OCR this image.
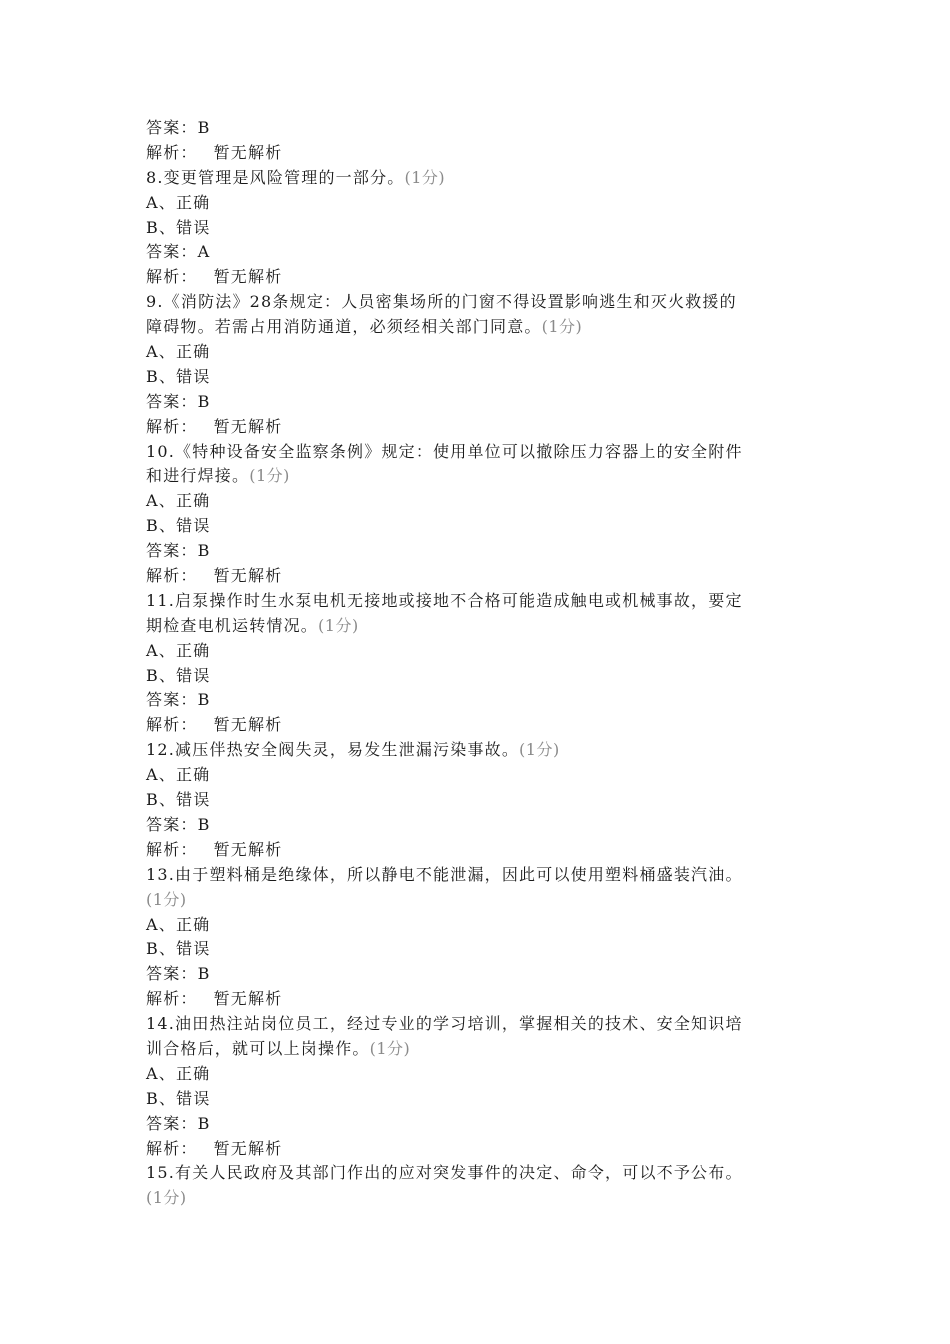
答案：B
解析： 暂无解析
8.变更管理是风险管理的一部分。(1分)
A、正确
B、错误
答案：A
解析： 暂无解析
9.《消防法》28条规定：人员密集场所的门窗不得设置影响逃生和灭火救援的
障碍物。若需占用消防通道，必须经相关部门同意。(1分)
A、正确
B、错误
答案：B
解析： 暂无解析
10.《特种设备安全监察条例》规定：使用单位可以撤除压力容器上的安全附件
和进行焊接。(1分)
A、正确
B、错误
答案：B
解析： 暂无解析
11.启泵操作时生水泵电机无接地或接地不合格可能造成触电或机械事故，要定
期检查电机运转情况。(1分)
A、正确
B、错误
答案：B
解析： 暂无解析
12.减压伴热安全阀失灵，易发生泄漏污染事故。(1分)
A、正确
B、错误
答案：B
解析： 暂无解析
13.由于塑料桶是绝缘体，所以静电不能泄漏，因此可以使用塑料桶盛装汽油。
(1分)
A、正确
B、错误
答案：B
解析： 暂无解析
14.油田热注站岗位员工，经过专业的学习培训，掌握相关的技术、安全知识培
训合格后，就可以上岗操作。(1分)
A、正确
B、错误
答案：B
解析： 暂无解析
15.有关人民政府及其部门作出的应对突发事件的决定、命令，可以不予公布。
(1分)
